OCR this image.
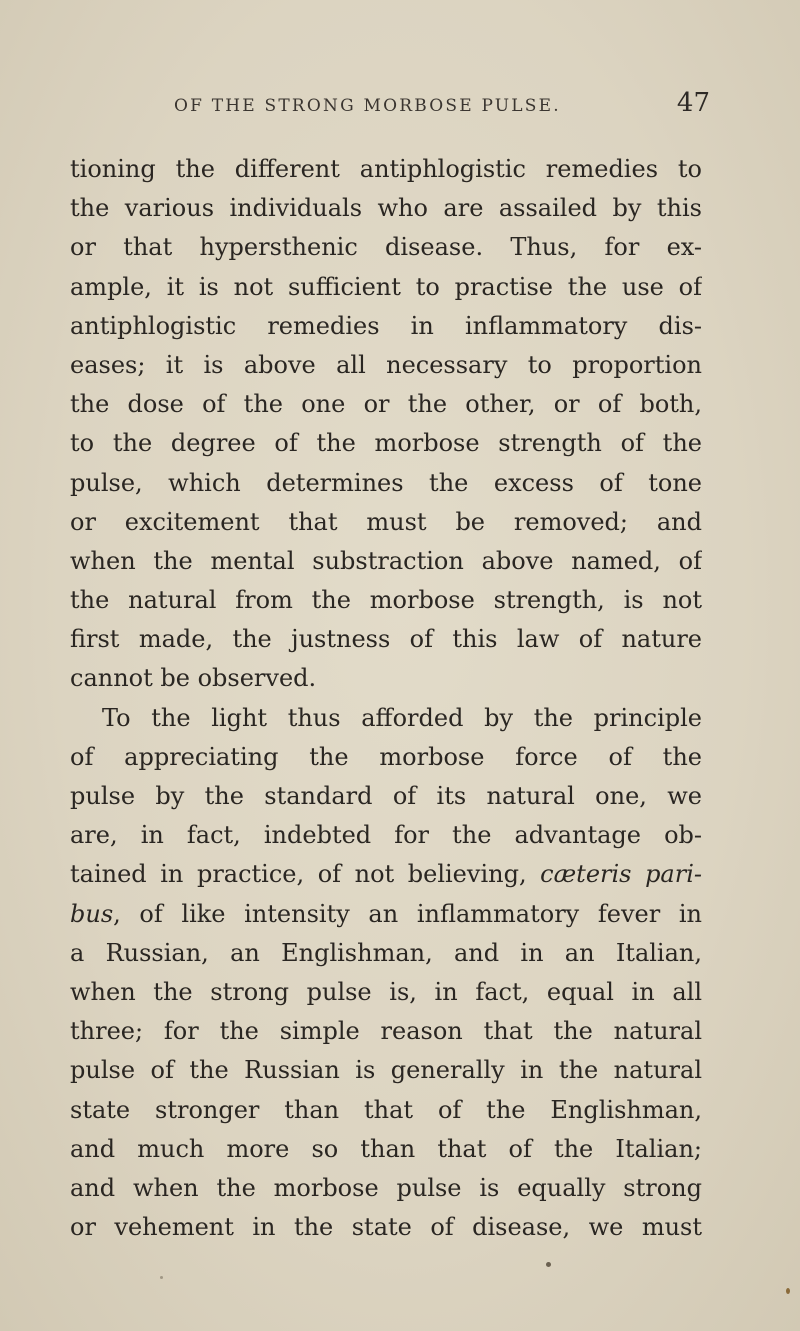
OF THE STRONG MORBOSE PULSE.	47
tioning the different antiphlogistic remedies to
the various individuals who are assailed by this
or that hypersthenic disease. Thus, for ex-
ample, it is not sufficient to practise the use of
antiphlogistic remedies in inflammatory dis-
eases; it is above all necessary to proportion
the dose of the one or the other, or of both,
to the degree of the morbose strength of the
pulse, which determines the excess of tone
or excitement that must be removed; and
when the mental substraction above named, of
the natural from the morbose strength, is not
first made, the justness of this law of nature
cannot be observed.
To the light thus afforded by the principle
of appreciating the morbose force of the
pulse by the standard of its natural one, we
are, in fact, indebted for the advantage ob-
tained in practice, of not believing, cæteris pari-
bus, of like intensity an inflammatory fever in
a Russian, an Englishman, and in an Italian,
when the strong pulse is, in fact, equal in all
three; for the simple reason that the natural
pulse of the Russian is generally in the natural
state stronger than that of the Englishman,
and much more so than that of the Italian;
and when the morbose pulse is equally strong
or vehement in the state of disease, we must
